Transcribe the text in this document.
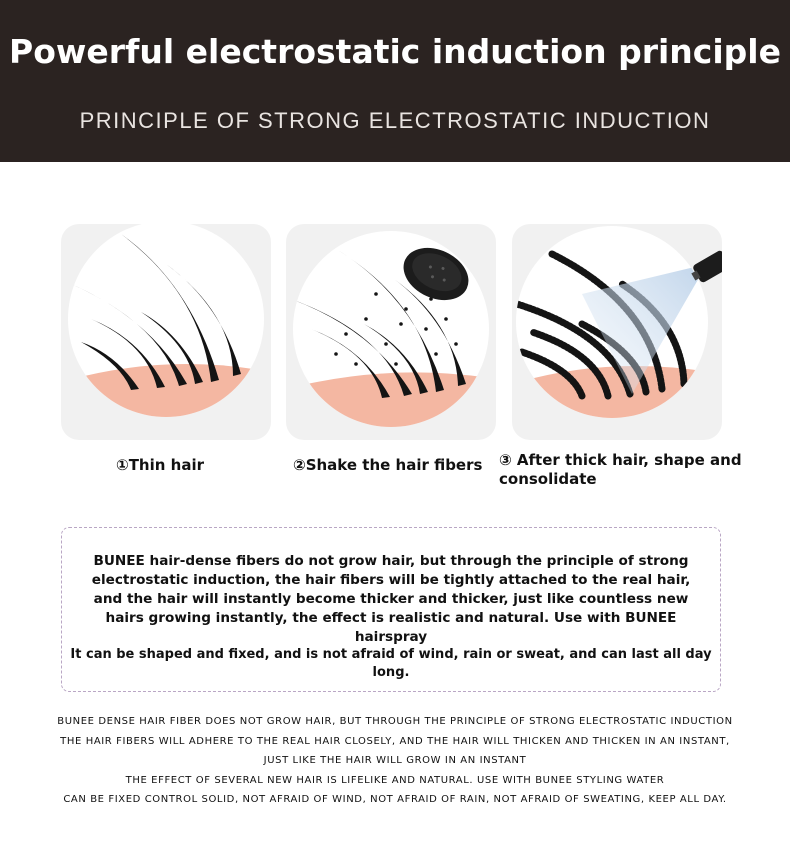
Powerful electrostatic induction principle
PRINCIPLE OF STRONG ELECTROSTATIC INDUCTION
①Thin hair	②Shake the hair fibers ③ After thick hair, shape and consolidate

BUNEE hair-dense fibers do not grow hair, but through the principle of strong electrostatic induction, the hair fibers will be tightly attached to the real hair, and the hair will instantly become thicker and thicker, just like countless new hairs growing instantly, the effect is realistic and natural. Use with BUNEE hairspray

It can be shaped and fixed, and is not afraid of wind, rain or sweat, and can last all day long.

BUNEE DENSE HAIR FIBER DOES NOT GROW HAIR, BUT THROUGH THE PRINCIPLE OF STRONG ELECTROSTATIC INDUCTION
THE HAIR FIBERS WILL ADHERE TO THE REAL HAIR CLOSELY, AND THE HAIR WILL THICKEN AND THICKEN IN AN INSTANT,
JUST LIKE THE HAIR WILL GROW IN AN INSTANT
THE EFFECT OF SEVERAL NEW HAIR IS LIFELIKE AND NATURAL. USE WITH BUNEE STYLING WATER
CAN BE FIXED CONTROL SOLID, NOT AFRAID OF WIND, NOT AFRAID OF RAIN, NOT AFRAID OF SWEATING, KEEP ALL DAY.
